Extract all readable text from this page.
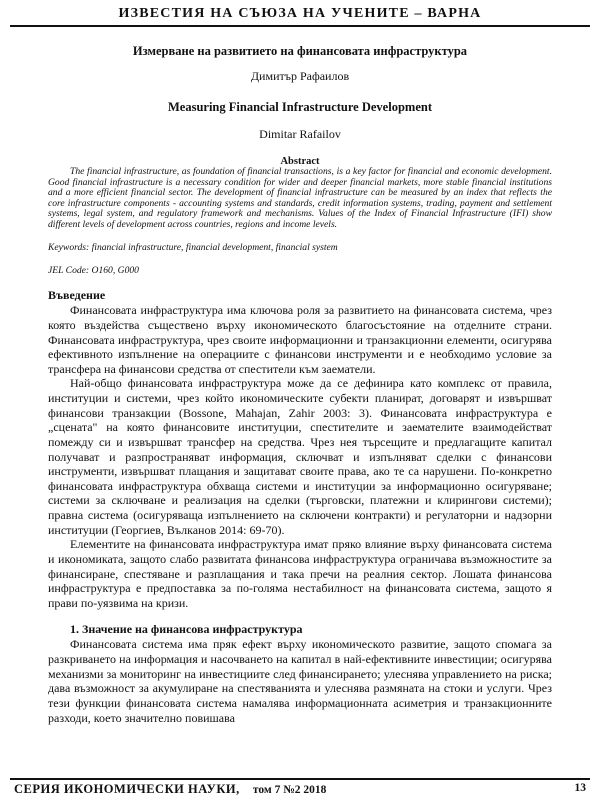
ИЗВЕСТИЯ НА СЪЮЗА НА УЧЕНИТЕ – ВАРНА
Измерване на развитието на финансовата инфраструктура
Димитър Рафаилов
Measuring Financial Infrastructure Development
Dimitar Rafailov
Abstract

The financial infrastructure, as foundation of financial transactions, is a key factor for financial and economic development. Good financial infrastructure is a necessary condition for wider and deeper financial markets, more stable financial institutions and a more efficient financial sector. The development of financial infrastructure can be measured by an index that reflects the core infrastructure components - accounting systems and standards, credit information systems, trading, payment and settlement systems, legal system, and regulatory framework and mechanisms. Values of the Index of Financial Infrastructure (IFI) show different levels of development across countries, regions and income levels.

Keywords: financial infrastructure, financial development, financial system
JEL Code: O160, G000
Въведение

Финансовата инфраструктура има ключова роля за развитието на финансовата система, чрез която въздейства съществено върху икономическото благосъстояние на отделните страни. Финансовата инфраструктура, чрез своите информационни и транзакционни елементи, осигурява ефективното изпълнение на операциите с финансови инструменти и е необходимо условие за трансфера на финансови средства от спестители към заематели.

Най-общо финансовата инфраструктура може да се дефинира като комплекс от правила, институции и системи, чрез който икономическите субекти планират, договарят и извършват финансови транзакции (Bossone, Mahajan, Zahir 2003: 3). Финансовата инфраструктура е „сцената" на която финансовите институции, спестителите и заемателите взаимодействат помежду си и извършват трансфер на средства. Чрез нея търсещите и предлагащите капитал получават и разпространяват информация, сключват и изпълняват сделки с финансови инструменти, извършват плащания и защитават своите права, ако те са нарушени. По-конкретно финансовата инфраструктура обхваща системи и институции за информационно осигуряване; системи за сключване и реализация на сделки (търговски, платежни и клирингови системи); правна система (осигуряваща изпълнението на сключени контракти) и регулаторни и надзорни институции (Георгиев, Вълканов 2014: 69-70).

Елементите на финансовата инфраструктура имат пряко влияние върху финансовата система и икономиката, защото слабо развитата финансова инфраструктура ограничава възможностите за финансиране, спестяване и разплащания и така пречи на реалния сектор. Лошата финансова инфраструктура е предпоставка за по-голяма нестабилност на финансовата система, защото я прави по-уязвима на кризи.

1. Значение на финансова инфраструктура

Финансовата система има пряк ефект върху икономическото развитие, защото спомага за разкриването на информация и насочването на капитал в най-ефективните инвестиции; осигурява механизми за мониторинг на инвестициите след финансирането; улеснява управлението на риска; дава възможност за акумулиране на спестяванията и улеснява размяната на стоки и услуги. Чрез тези функции финансовата система намалява информационната асиметрия и транзакционните разходи, което значително повишава

СЕРИЯ ИКОНОМИЧЕСКИ НАУКИ, том 7 №2 2018	13
